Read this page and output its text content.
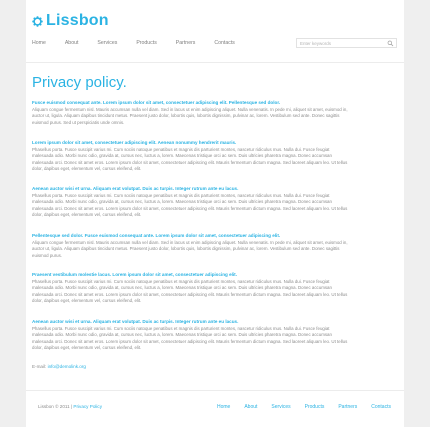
Lissbon
Home	About	Services	Products	Partners	Contacts
Enter keywords
Privacy policy.
Fusce euismod consequat ante. Lorem ipsum dolor sit amet, consectetuer adipiscing elit. Pellentesque sed dolor.
Aliquam congue fermentum nisl. Mauris accumsan nulla vel diam. Sed in lacus ut enim adipiscing aliquet. Nulla venenatis. In pede mi, aliquet sit amet, euismod in, auctor ut, ligula. Aliquam dapibus tincidunt metus. Praesent justo dolor, lobortis quis, lobortis dignissim, pulvinar ac, lorem. Vestibulum sed ante. Donec sagittis euismod purus. Sed ut perspiciatis unde omnis.
Lorem ipsum dolor sit amet, consectetuer adipiscing elit. Aenean nonummy hendrerit mauris.
Phasellus porta. Fusce suscipit varius mi. Cum sociis natoque penatibus et magnis dis parturient montes, nascetur ridiculus mus. Nulla dui. Fusce feugiat malesuada odio. Morbi nunc odio, gravida at, cursus nec, luctus a, lorem. Maecenas tristique orci ac sem. Duis ultricies pharetra magna. Donec accumsan malesuada orci. Donec sit amet eros. Lorem ipsum dolor sit amet, consectetuer adipiscing elit. Mauris fermentum dictum magna. Sed laoreet aliquam leo. Ut tellus dolor, dapibus eget, elementum vel, cursus eleifend, elit.
Aenean auctor wisi et urna. Aliquam erat volutpat. Duis ac turpis. Integer rutrum ante eu lacus.
Phasellus porta. Fusce suscipit varius mi. Cum sociis natoque penatibus et magnis dis parturient montes, nascetur ridiculus mus. Nulla dui. Fusce feugiat malesuada odio. Morbi nunc odio, gravida at, cursus nec, luctus a, lorem. Maecenas tristique orci ac sem. Duis ultricies pharetra magna. Donec accumsan malesuada orci. Donec sit amet eros. Lorem ipsum dolor sit amet, consectetuer adipiscing elit. Mauris fermentum dictum magna. Sed laoreet aliquam leo. Ut tellus dolor, dapibus eget, elementum vel, cursus eleifend, elit.
Pellentesque sed dolor. Fusce euismod consequat ante. Lorem ipsum dolor sit amet, consectetuer adipiscing elit.
Aliquam congue fermentum nisl. Mauris accumsan nulla vel diam. Sed in lacus ut enim adipiscing aliquet. Nulla venenatis. In pede mi, aliquet sit amet, euismod in, auctor ut, ligula. Aliquam dapibus tincidunt metus. Praesent justo dolor, lobortis quis, lobortis dignissim, pulvinar ac, lorem. Vestibulum sed ante. Donec sagittis euismod purus.
Praesent vestibulum molestie lacus. Lorem ipsum dolor sit amet, consectetuer adipiscing elit.
Phasellus porta. Fusce suscipit varius mi. Cum sociis natoque penatibus et magnis dis parturient montes, nascetur ridiculus mus. Nulla dui. Fusce feugiat malesuada odio. Morbi nunc odio, gravida at, cursus nec, luctus a, lorem. Maecenas tristique orci ac sem. Duis ultricies pharetra magna. Donec accumsan malesuada orci. Donec sit amet eros. Lorem ipsum dolor sit amet, consectetuer adipiscing elit. Mauris fermentum dictum magna. Sed laoreet aliquam leo. Ut tellus dolor, dapibus eget, elementum vel, cursus eleifend, elit.
Aenean auctor wisi et urna. Aliquam erat volutpat. Duis ac turpis. Integer rutrum ante eu lacus.
Phasellus porta. Fusce suscipit varius mi. Cum sociis natoque penatibus et magnis dis parturient montes, nascetur ridiculus mus. Nulla dui. Fusce feugiat malesuada odio. Morbi nunc odio, gravida at, cursus nec, luctus a, lorem. Maecenas tristique orci ac sem. Duis ultricies pharetra magna. Donec accumsan malesuada orci. Donec sit amet eros. Lorem ipsum dolor sit amet, consectetuer adipiscing elit. Mauris fermentum dictum magna. Sed laoreet aliquam leo. Ut tellus dolor, dapibus eget, elementum vel, cursus eleifend, elit.
E-mail: info@demolink.org
Lissbon © 2011 | Privacy Policy	Home	About	Services	Products	Partners	Contacts
